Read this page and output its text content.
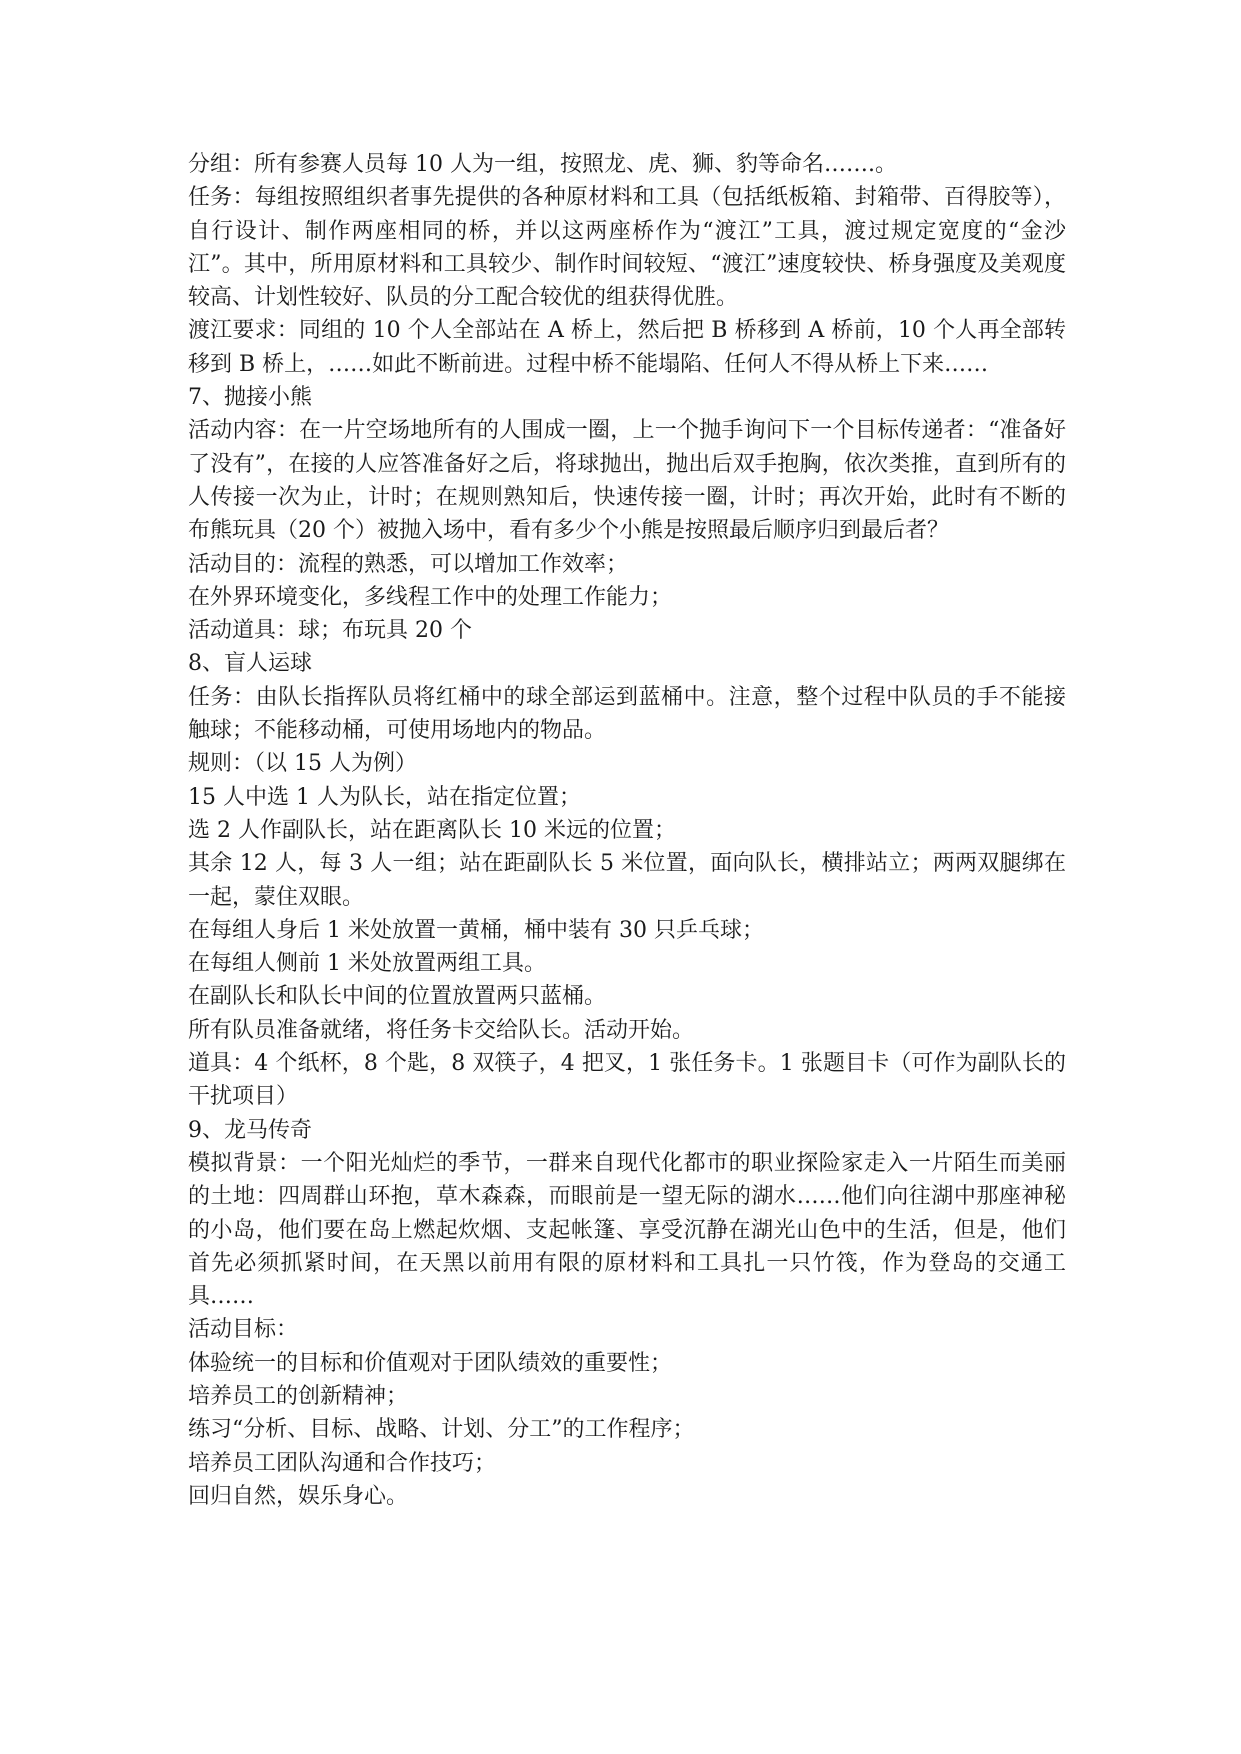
分组：所有参赛人员每 10 人为一组，按照龙、虎、狮、豹等命名…….。

任务：每组按照组织者事先提供的各种原材料和工具（包括纸板箱、封箱带、百得胶等），自行设计、制作两座相同的桥，并以这两座桥作为“渡江”工具，渡过规定宽度的“金沙江”。其中，所用原材料和工具较少、制作时间较短、“渡江”速度较快、桥身强度及美观度较高、计划性较好、队员的分工配合较优的组获得优胜。

渡江要求：同组的 10 个人全部站在 A 桥上，然后把 B 桥移到 A 桥前，10 个人再全部转移到 B 桥上，……如此不断前进。过程中桥不能塌陷、任何人不得从桥上下来……

7、抛接小熊

活动内容：在一片空场地所有的人围成一圈，上一个抛手询问下一个目标传递者：“准备好了没有”，在接的人应答准备好之后，将球抛出，抛出后双手抱胸，依次类推，直到所有的人传接一次为止，计时；在规则熟知后，快速传接一圈，计时；再次开始，此时有不断的布熊玩具（20 个）被抛入场中，看有多少个小熊是按照最后顺序归到最后者？

活动目的：流程的熟悉，可以增加工作效率；

在外界环境变化，多线程工作中的处理工作能力；

活动道具：球；布玩具 20 个

8、盲人运球

任务：由队长指挥队员将红桶中的球全部运到蓝桶中。注意，整个过程中队员的手不能接触球；不能移动桶，可使用场地内的物品。

规则：（以 15 人为例）

15 人中选 1 人为队长，站在指定位置；

选 2 人作副队长，站在距离队长 10 米远的位置；

其余 12 人，每 3 人一组；站在距副队长 5 米位置，面向队长，横排站立；两两双腿绑在一起，蒙住双眼。

在每组人身后 1 米处放置一黄桶，桶中装有 30 只乒乓球；

在每组人侧前 1 米处放置两组工具。

在副队长和队长中间的位置放置两只蓝桶。

所有队员准备就绪，将任务卡交给队长。活动开始。

道具：4 个纸杯，8 个匙，8 双筷子，4 把叉，1 张任务卡。1 张题目卡（可作为副队长的干扰项目）

9、龙马传奇

模拟背景：一个阳光灿烂的季节，一群来自现代化都市的职业探险家走入一片陌生而美丽的土地：四周群山环抱，草木森森，而眼前是一望无际的湖水……他们向往湖中那座神秘的小岛，他们要在岛上燃起炊烟、支起帐篷、享受沉静在湖光山色中的生活，但是，他们首先必须抓紧时间，在天黑以前用有限的原材料和工具扎一只竹筏，作为登岛的交通工具……

活动目标：

体验统一的目标和价值观对于团队绩效的重要性；

培养员工的创新精神；

练习“分析、目标、战略、计划、分工”的工作程序；

培养员工团队沟通和合作技巧；

回归自然，娱乐身心。
